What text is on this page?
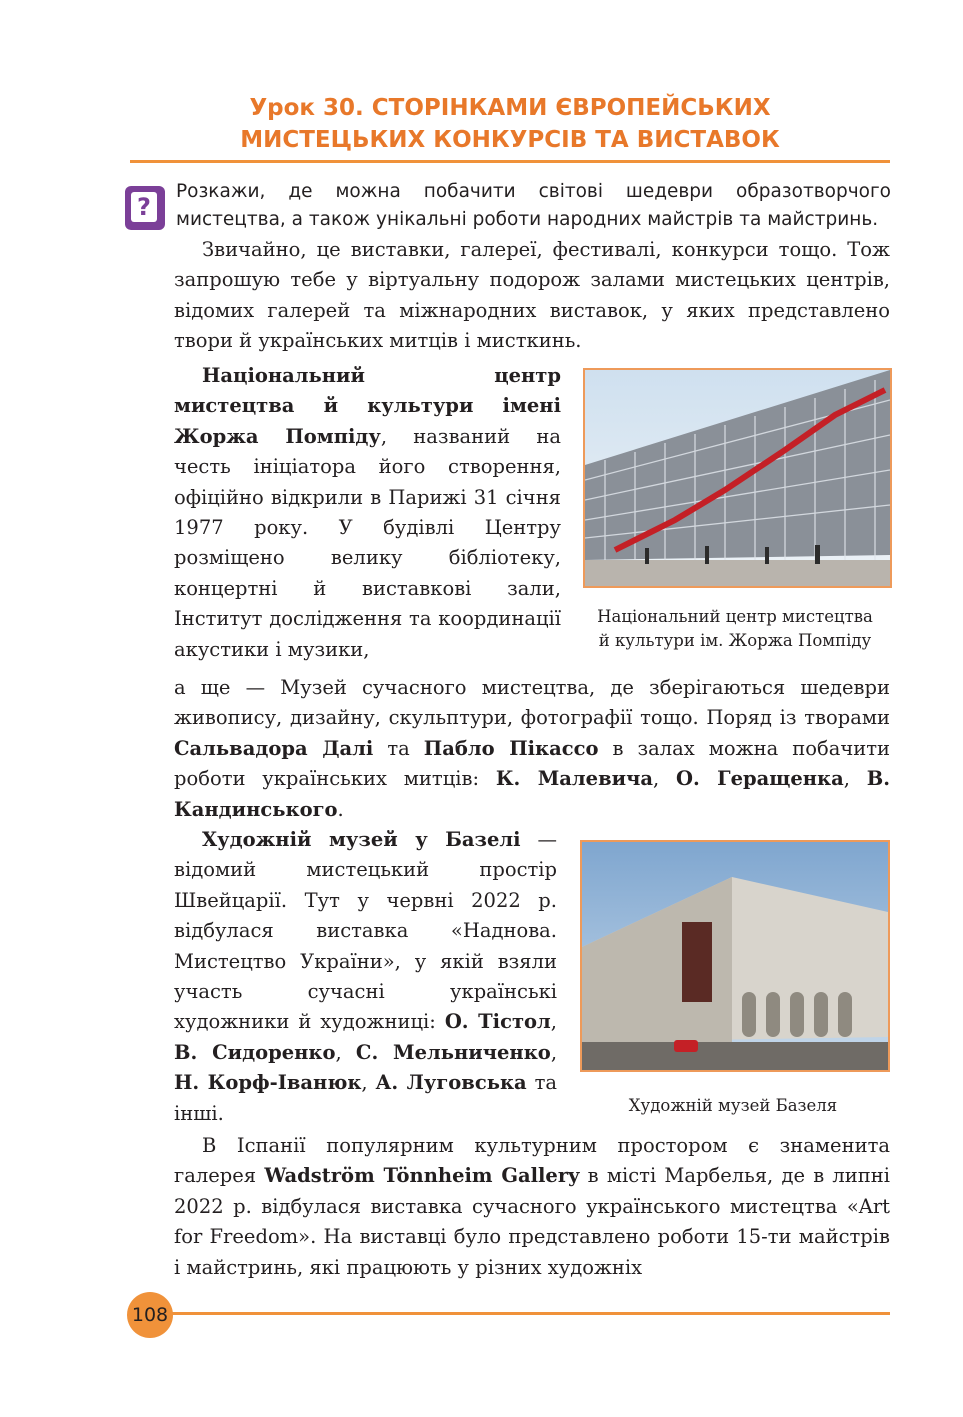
Урок 30. СТОРІНКАМИ ЄВРОПЕЙСЬКИХ
МИСТЕЦЬКИХ КОНКУРСІВ ТА ВИСТАВОК
?
Розкажи, де можна побачити світові шедеври образотворчого мистецтва, а також унікальні роботи народних майстрів та майстринь.
Звичайно, це виставки, галереї, фестивалі, конкурси тощо. Тож запрошую тебе у віртуальну подорож залами мистецьких центрів, відомих галерей та міжнародних виставок, у яких представлено твори й українських митців і мисткинь.
Національний центр мистецтва й культури імені Жоржа Помпіду, названий на честь ініціатора його створення, офіційно відкрили в Парижі 31 січня 1977 року. У будівлі Центру розміщено велику бібліотеку, концертні й виставкові зали, Інститут дослідження та координації акустики і музики,
Національний центр мистецтва
й культури ім. Жоржа Помпіду
а ще — Музей сучасного мистецтва, де зберігаються шедеври живопису, дизайну, скульптури, фотографії тощо. Поряд із творами Сальвадора Далі та Пабло Пікассо в залах можна побачити роботи українських митців: К. Малевича, О. Геращенка, В. Кандинського.
Художній музей у Базелі — відомий мистецький простір Швейцарії. Тут у червні 2022 р. відбулася виставка «Наднова. Мистецтво України», у якій взяли участь сучасні українські художники й художниці: О. Тістол, В. Сидоренко, С. Мельниченко, Н. Корф-Іванюк, А. Луговська та інші.	Художній музей Базеля
В Іспанії популярним культурним простором є знаменита галерея Wadström Tönnheim Gallery в місті Марбелья, де в липні 2022 р. відбулася виставка сучасного українського мистецтва «Art for Freedom». На виставці було представлено роботи 15-ти майстрів і майстринь, які працюють у різних художніх
108
